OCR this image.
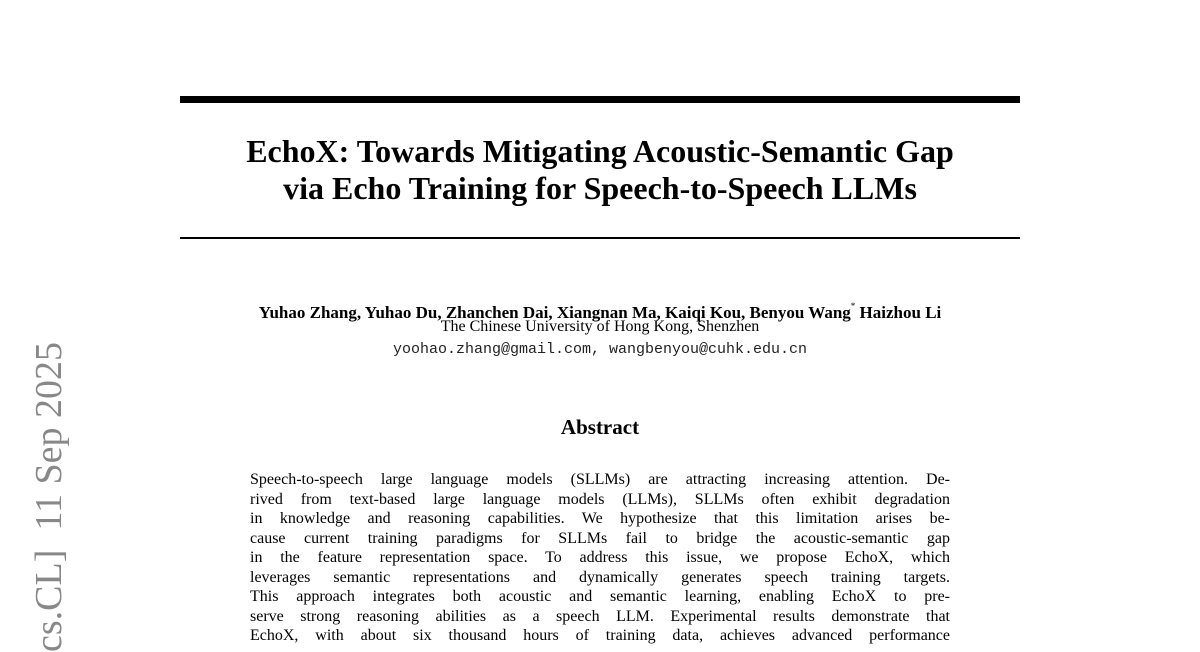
cs.CL]  11 Sep 2025
EchoX: Towards Mitigating Acoustic-Semantic Gap
via Echo Training for Speech-to-Speech LLMs
Yuhao Zhang, Yuhao Du, Zhanchen Dai, Xiangnan Ma, Kaiqi Kou, Benyou Wang* Haizhou Li
The Chinese University of Hong Kong, Shenzhen
yoohao.zhang@gmail.com, wangbenyou@cuhk.edu.cn
Abstract
Speech-to-speech large language models (SLLMs) are attracting increasing attention. De-
rived from text-based large language models (LLMs), SLLMs often exhibit degradation
in knowledge and reasoning capabilities. We hypothesize that this limitation arises be-
cause current training paradigms for SLLMs fail to bridge the acoustic-semantic gap
in the feature representation space. To address this issue, we propose EchoX, which
leverages semantic representations and dynamically generates speech training targets.
This approach integrates both acoustic and semantic learning, enabling EchoX to pre-
serve strong reasoning abilities as a speech LLM. Experimental results demonstrate that
EchoX, with about six thousand hours of training data, achieves advanced performance
